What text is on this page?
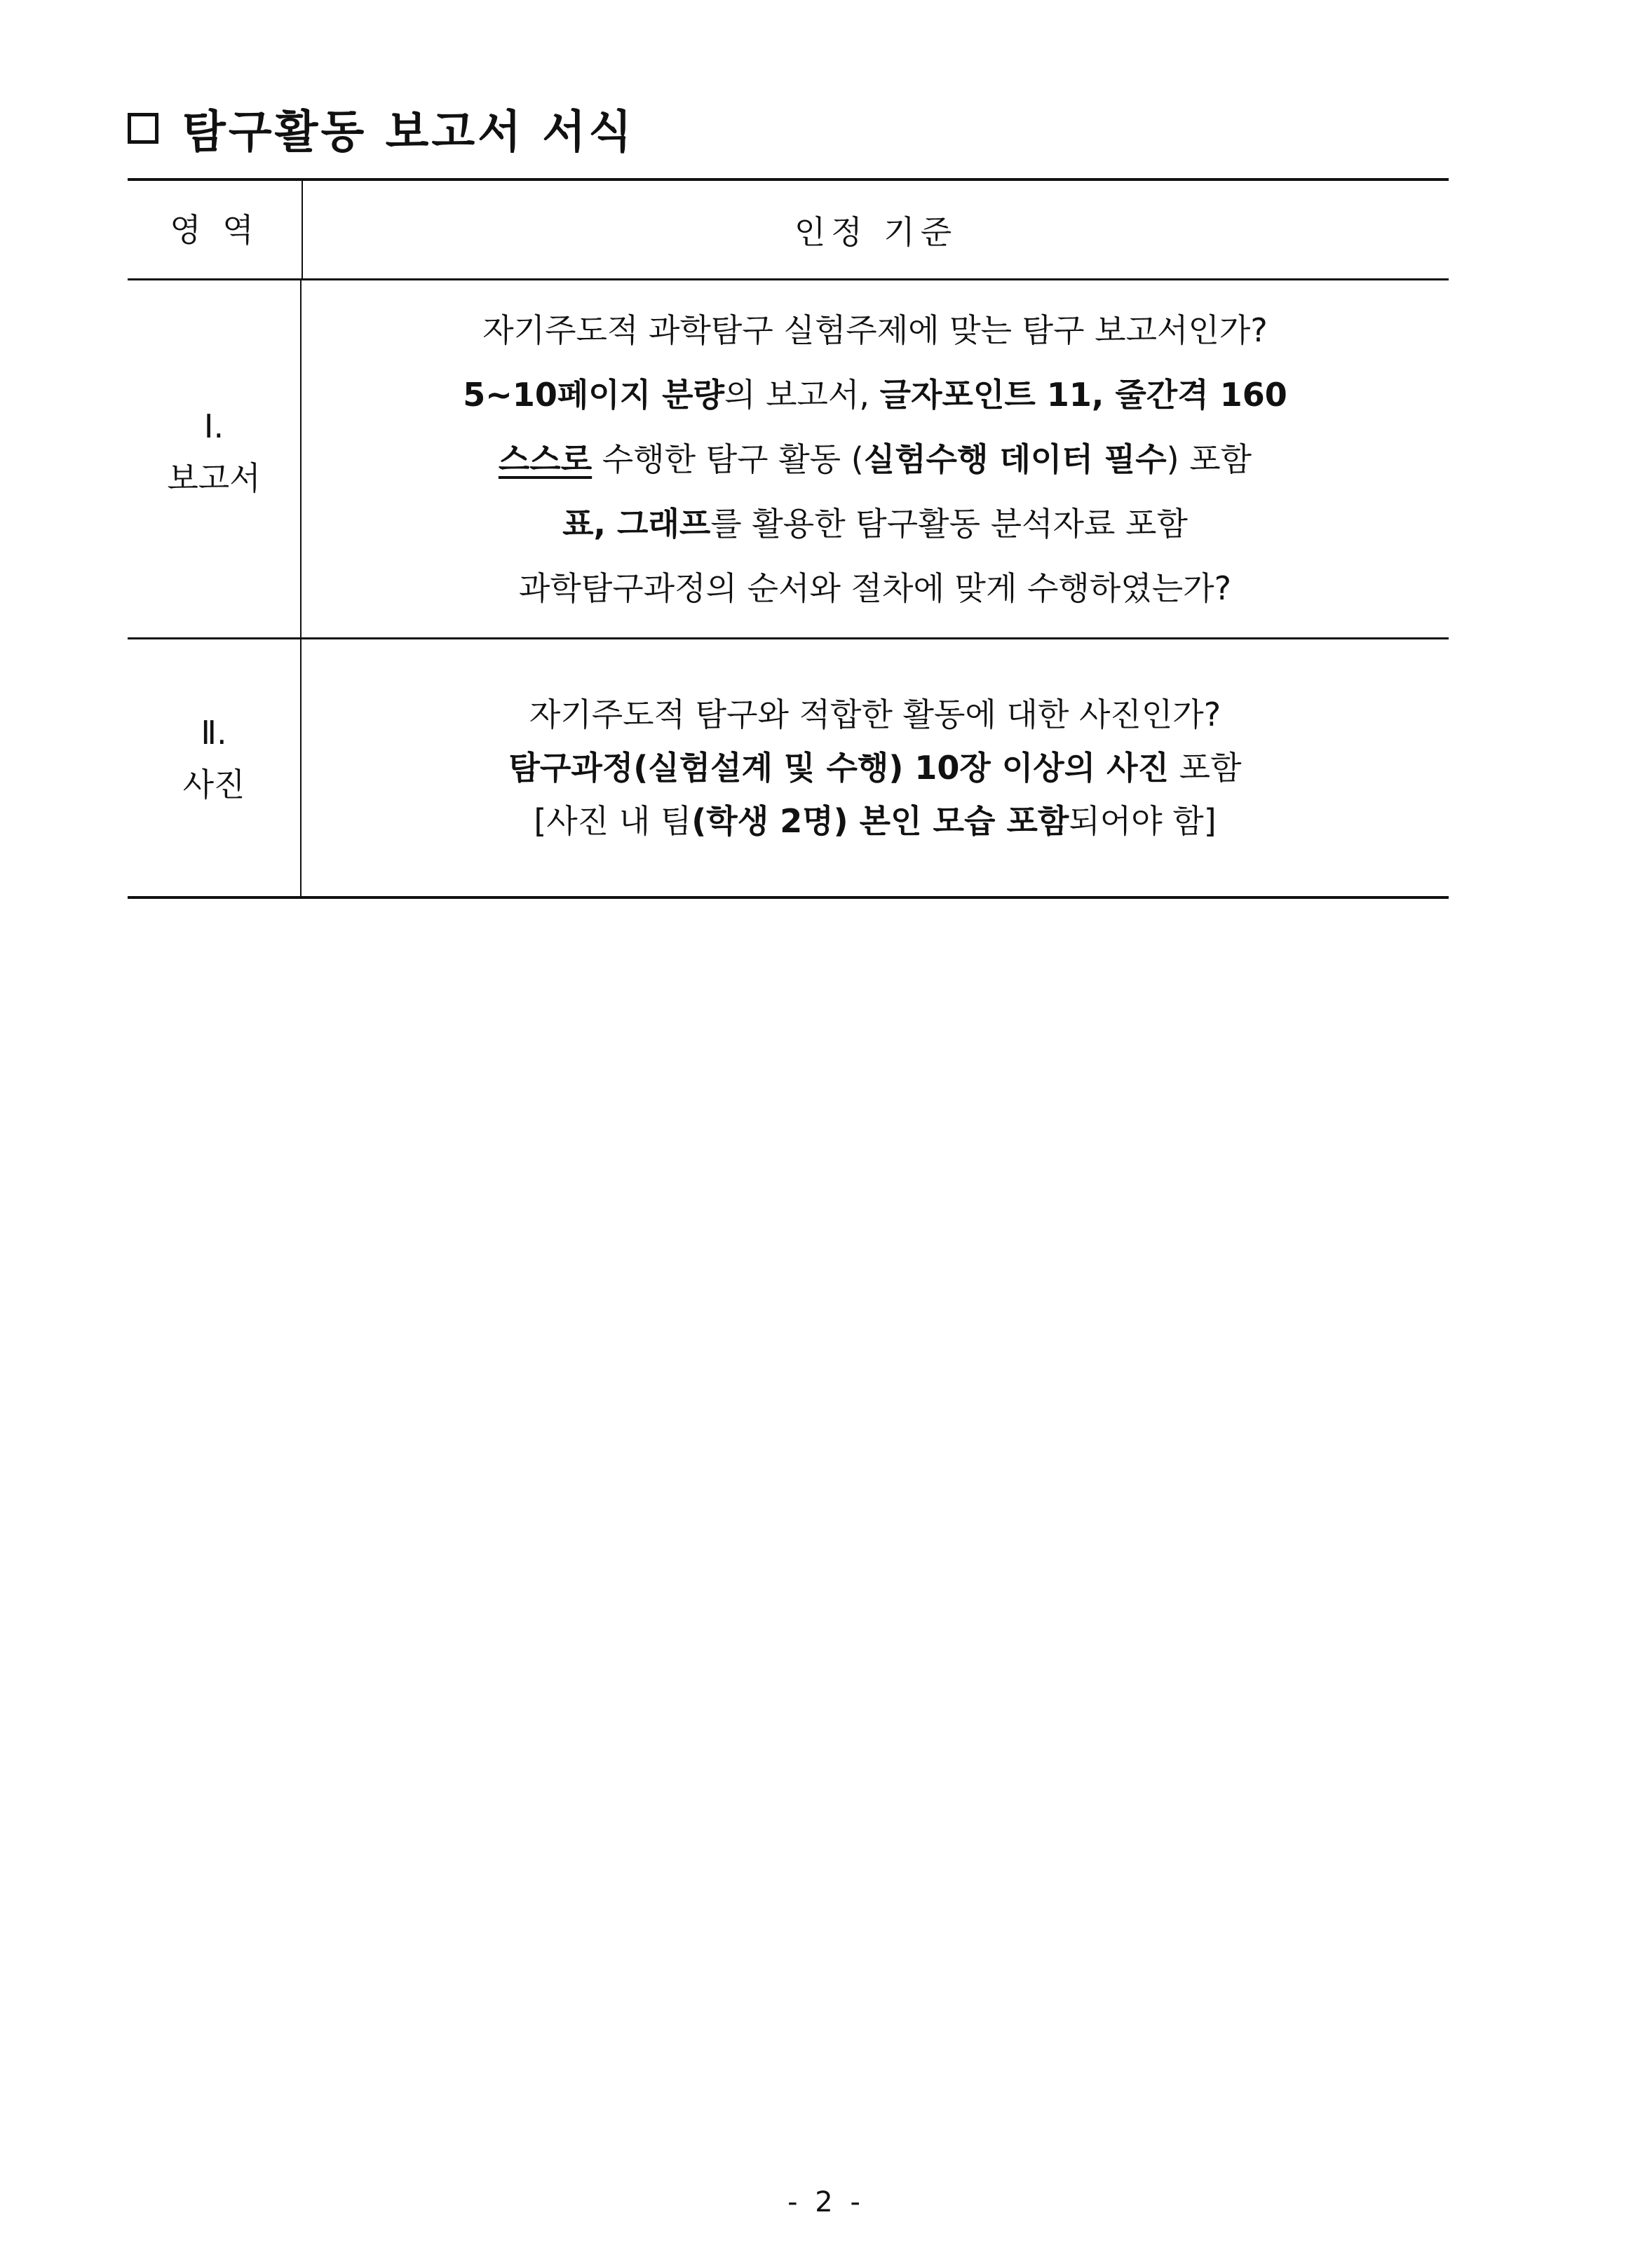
탐구활동 보고서 서식
영 역	인정 기준
Ⅰ.
보고서
자기주도적 과학탐구 실험주제에 맞는 탐구 보고서인가?
5~10페이지 분량의 보고서, 글자포인트 11, 줄간격 160
스스로 수행한 탐구 활동 (실험수행 데이터 필수) 포함
표, 그래프를 활용한 탐구활동 분석자료 포함
과학탐구과정의 순서와 절차에 맞게 수행하였는가?
Ⅱ.
사진
자기주도적 탐구와 적합한 활동에 대한 사진인가?
탐구과정(실험설계 및 수행) 10장 이상의 사진 포함
[사진 내 팀(학생 2명) 본인 모습 포함되어야 함]
- 2 -
